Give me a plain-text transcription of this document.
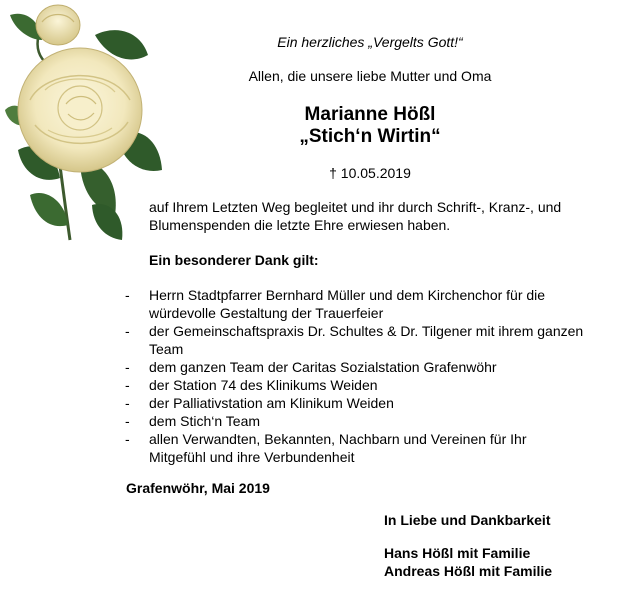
Ein herzliches „Vergelts Gott!“
Allen, die unsere liebe Mutter und Oma
Marianne Hößl
„Stich‘n Wirtin“
† 10.05.2019
auf Ihrem Letzten Weg begleitet und ihr durch Schrift-, Kranz-, und Blumenspenden die letzte Ehre erwiesen haben.
Ein besonderer Dank gilt:
- Herrn Stadtpfarrer Bernhard Müller und dem Kirchenchor für die würdevolle Gestaltung der Trauerfeier
- der Gemeinschaftspraxis Dr. Schultes & Dr. Tilgener mit ihrem ganzen Team
- dem ganzen Team der Caritas Sozialstation Grafenwöhr
- der Station 74 des Klinikums Weiden
- der Palliativstation am Klinikum Weiden
- dem Stich‘n Team
- allen Verwandten, Bekannten, Nachbarn und Vereinen für Ihr Mitgefühl und ihre Verbundenheit
Grafenwöhr, Mai 2019
In Liebe und Dankbarkeit
Hans Hößl mit Familie
Andreas Hößl mit Familie
